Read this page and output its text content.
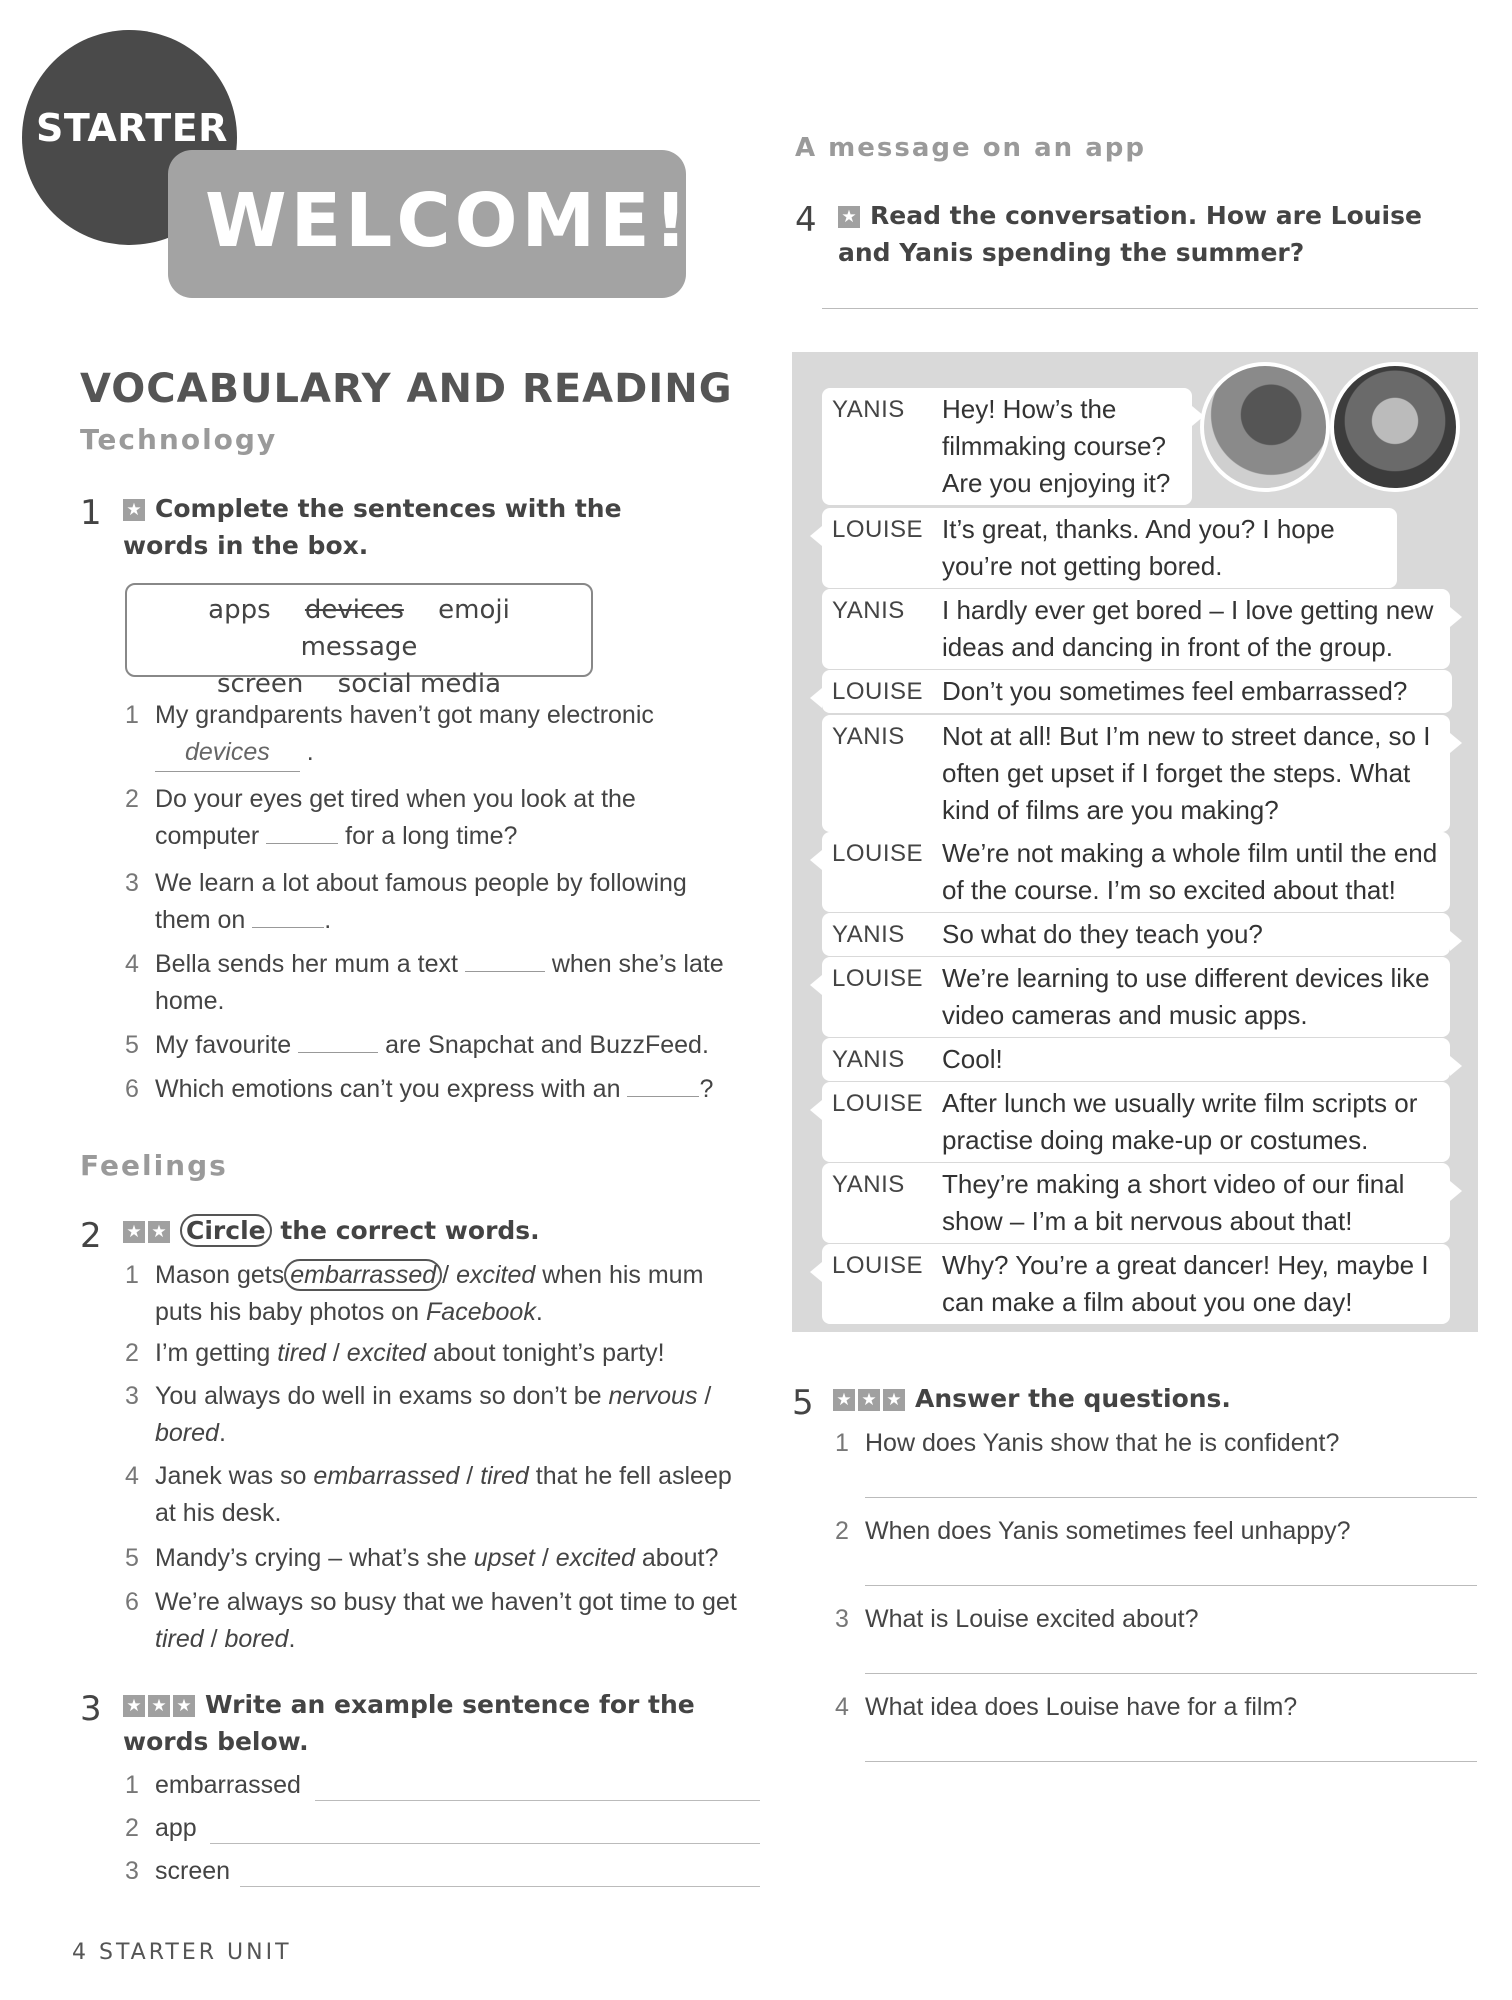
STARTER
WELCOME!
VOCABULARY AND READING
Technology
1 ★ Complete the sentences with the words in the box.
apps devices emoji message
screen social media
1 My grandparents haven’t got many electronic
devices .
2 Do your eyes get tired when you look at the computer	for a long time?
3 We learn a lot about famous people by following them on	.
4 Bella sends her mum a text	when she’s late home.
5 My favourite	are Snapchat and BuzzFeed.
6 Which emotions can’t you express with an	?
Feelings
2 ★ ★ Circle the correct words.
1 Mason gets embarrassed / excited when his mum puts his baby photos on Facebook.
2 I’m getting tired / excited about tonight’s party!
3 You always do well in exams so don’t be nervous / bored.
4 Janek was so embarrassed / tired that he fell asleep at his desk.
5 Mandy’s crying – what’s she upset / excited about?
6 We’re always so busy that we haven’t got time to get tired / bored.
3 ★ ★ ★ Write an example sentence for the words below.
1 embarrassed
2 app
3 screen
4 STARTER UNIT
A message on an app
4 ★ Read the conversation. How are Louise and Yanis spending the summer?
YANIS Hey! How’s the filmmaking course? Are you enjoying it?
LOUISE It’s great, thanks. And you? I hope you’re not getting bored.
YANIS I hardly ever get bored – I love getting new ideas and dancing in front of the group.
LOUISE Don’t you sometimes feel embarrassed?
YANIS Not at all! But I’m new to street dance, so I often get upset if I forget the steps. What kind of films are you making?
LOUISE We’re not making a whole film until the end of the course. I’m so excited about that!
YANIS So what do they teach you?
LOUISE We’re learning to use different devices like video cameras and music apps.
YANIS Cool!
LOUISE After lunch we usually write film scripts or practise doing make-up or costumes.
YANIS They’re making a short video of our final show – I’m a bit nervous about that!
LOUISE Why? You’re a great dancer! Hey, maybe I can make a film about you one day!
5 ★ ★ ★ Answer the questions.
1 How does Yanis show that he is confident?
2 When does Yanis sometimes feel unhappy?
3 What is Louise excited about?
4 What idea does Louise have for a film?
